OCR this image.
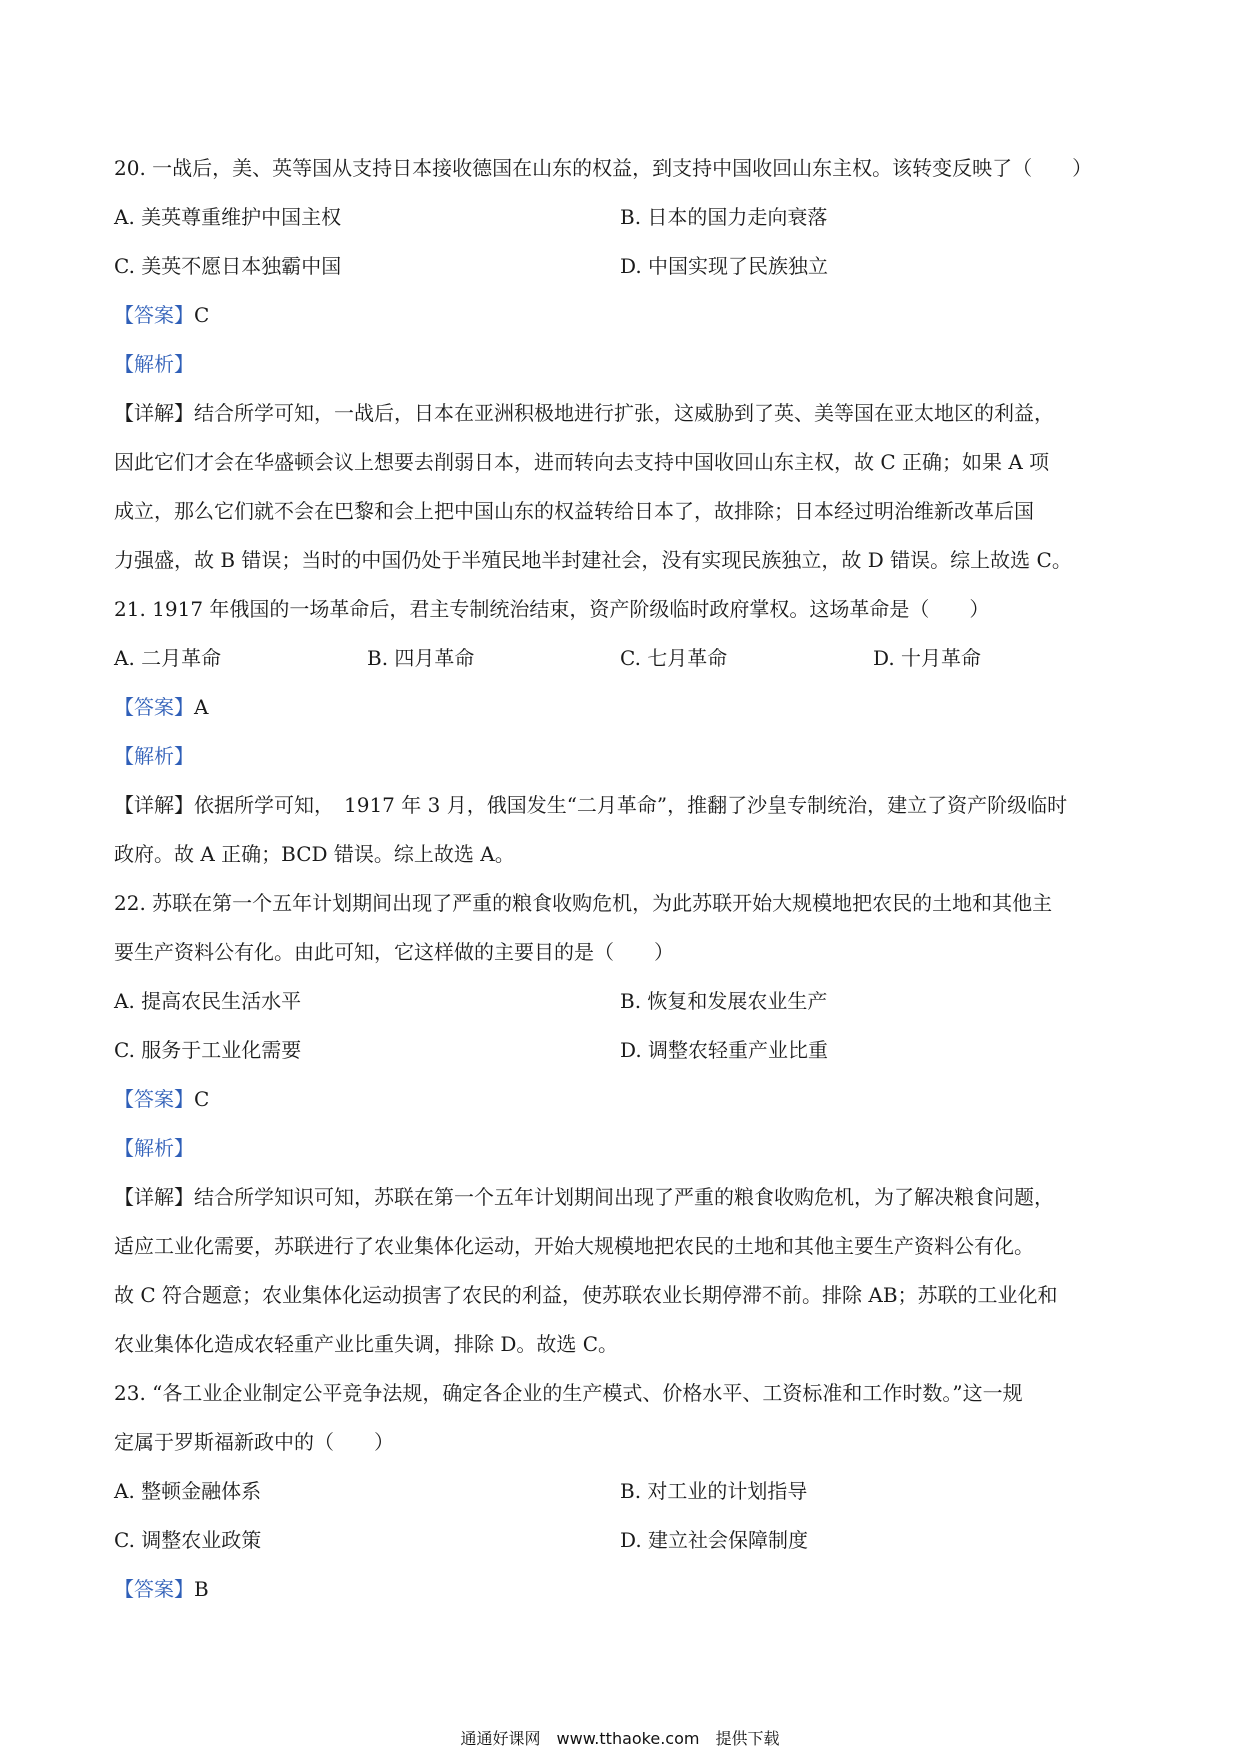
20. 一战后，美、英等国从支持日本接收德国在山东的权益，到支持中国收回山东主权。该转变反映了（　　）
A. 美英尊重维护中国主权	B. 日本的国力走向衰落
C. 美英不愿日本独霸中国	D. 中国实现了民族独立
【答案】C
【解析】
【详解】结合所学可知，一战后，日本在亚洲积极地进行扩张，这威胁到了英、美等国在亚太地区的利益，
因此它们才会在华盛顿会议上想要去削弱日本，进而转向去支持中国收回山东主权，故 C 正确；如果 A 项
成立，那么它们就不会在巴黎和会上把中国山东的权益转给日本了，故排除；日本经过明治维新改革后国
力强盛，故 B 错误；当时的中国仍处于半殖民地半封建社会，没有实现民族独立，故 D 错误。综上故选 C。
21. 1917 年俄国的一场革命后，君主专制统治结束，资产阶级临时政府掌权。这场革命是（　　）
A. 二月革命	B. 四月革命	C. 七月革命	D. 十月革命
【答案】A
【解析】
【详解】依据所学可知，　1917 年 3 月，俄国发生“二月革命”，推翻了沙皇专制统治，建立了资产阶级临时
政府。故 A 正确；BCD 错误。综上故选 A。
22. 苏联在第一个五年计划期间出现了严重的粮食收购危机，为此苏联开始大规模地把农民的土地和其他主
要生产资料公有化。由此可知，它这样做的主要目的是（　　）
A. 提高农民生活水平	B. 恢复和发展农业生产
C. 服务于工业化需要	D. 调整农轻重产业比重
【答案】C
【解析】
【详解】结合所学知识可知，苏联在第一个五年计划期间出现了严重的粮食收购危机，为了解决粮食问题，
适应工业化需要，苏联进行了农业集体化运动，开始大规模地把农民的土地和其他主要生产资料公有化。
故 C 符合题意；农业集体化运动损害了农民的利益，使苏联农业长期停滞不前。排除 AB；苏联的工业化和
农业集体化造成农轻重产业比重失调，排除 D。故选 C。
23. “各工业企业制定公平竞争法规，确定各企业的生产模式、价格水平、工资标准和工作时数。”这一规
定属于罗斯福新政中的（　　）
A. 整顿金融体系	B. 对工业的计划指导
C. 调整农业政策	D. 建立社会保障制度
【答案】B
通通好课网　www.tthaoke.com　提供下载
